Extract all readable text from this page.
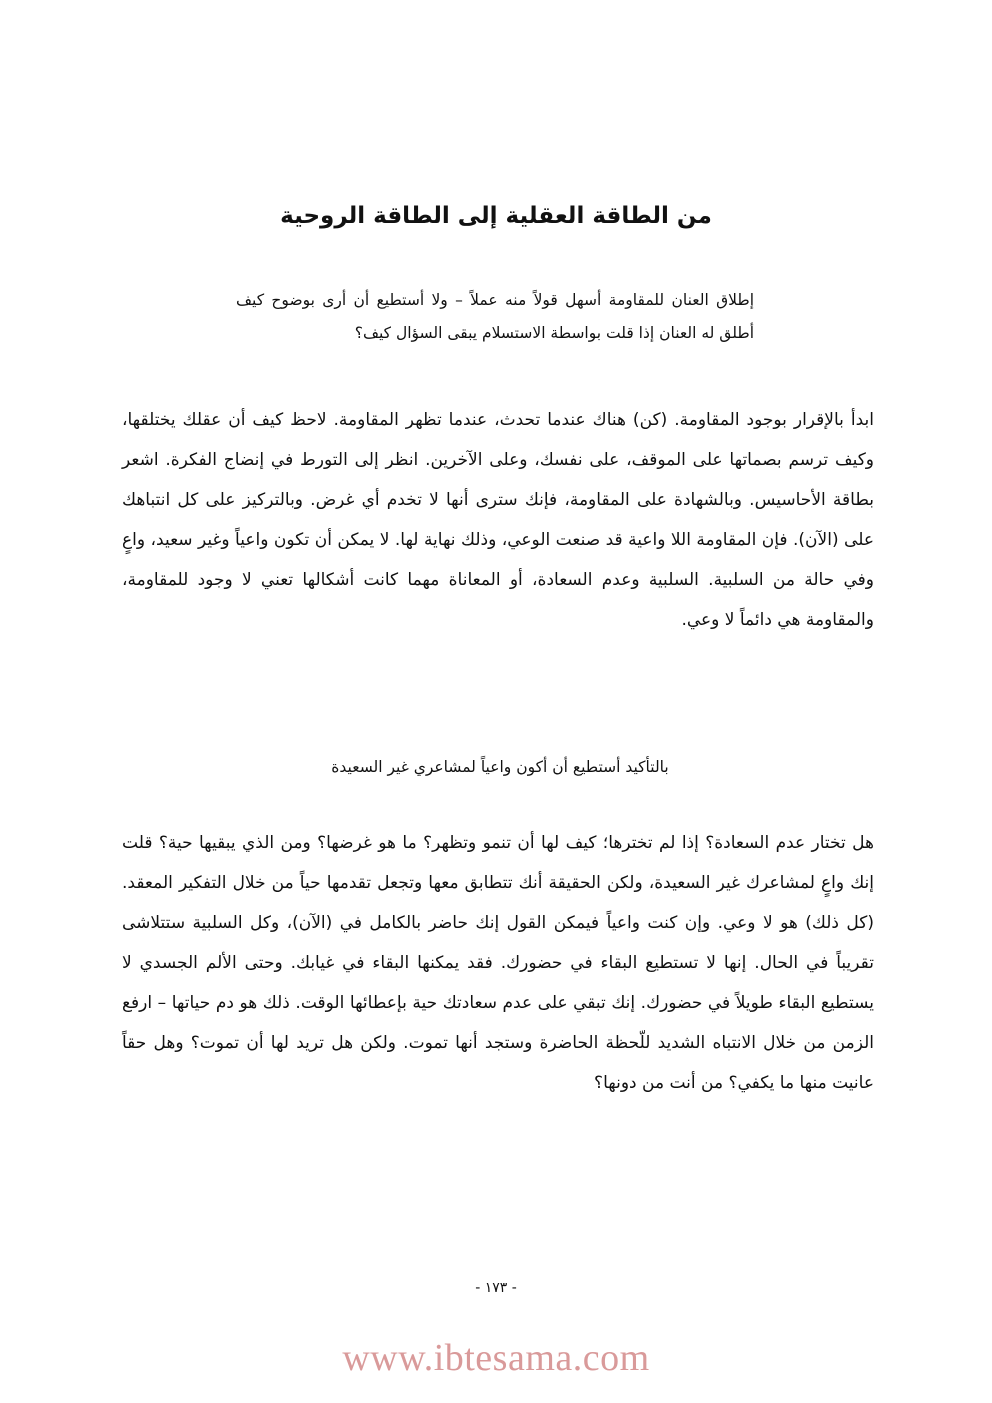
من الطاقة العقلية إلى الطاقة الروحية

إطلاق العنان للمقاومة أسهل قولاً منه عملاً – ولا أستطيع أن أرى بوضوح كيف أطلق له العنان إذا قلت بواسطة الاستسلام يبقى السؤال كيف؟

ابدأ بالإقرار بوجود المقاومة. (كن) هناك عندما تحدث، عندما تظهر المقاومة. لاحظ كيف أن عقلك يختلقها، وكيف ترسم بصماتها على الموقف، على نفسك، وعلى الآخرين. انظر إلى التورط في إنضاج الفكرة. اشعر بطاقة الأحاسيس. وبالشهادة على المقاومة، فإنك سترى أنها لا تخدم أي غرض. وبالتركيز على كل انتباهك على (الآن). فإن المقاومة اللا واعية قد صنعت الوعي، وذلك نهاية لها. لا يمكن أن تكون واعياً وغير سعيد، واعٍ وفي حالة من السلبية. السلبية وعدم السعادة، أو المعاناة مهما كانت أشكالها تعني لا وجود للمقاومة، والمقاومة هي دائماً لا وعي.

بالتأكيد أستطيع أن أكون واعياً لمشاعري غير السعيدة

هل تختار عدم السعادة؟ إذا لم تخترها؛ كيف لها أن تنمو وتظهر؟ ما هو غرضها؟ ومن الذي يبقيها حية؟ قلت إنك واعٍ لمشاعرك غير السعيدة، ولكن الحقيقة أنك تتطابق معها وتجعل تقدمها حياً من خلال التفكير المعقد. (كل ذلك) هو لا وعي. وإن كنت واعياً فيمكن القول إنك حاضر بالكامل في (الآن)، وكل السلبية ستتلاشى تقريباً في الحال. إنها لا تستطيع البقاء في حضورك. فقد يمكنها البقاء في غيابك. وحتى الألم الجسدي لا يستطيع البقاء طويلاً في حضورك. إنك تبقي على عدم سعادتك حية بإعطائها الوقت. ذلك هو دم حياتها – ارفع الزمن من خلال الانتباه الشديد للّحظة الحاضرة وستجد أنها تموت. ولكن هل تريد لها أن تموت؟ وهل حقاً عانيت منها ما يكفي؟ من أنت من دونها؟

- ١٧٣ -
www.ibtesama.com
